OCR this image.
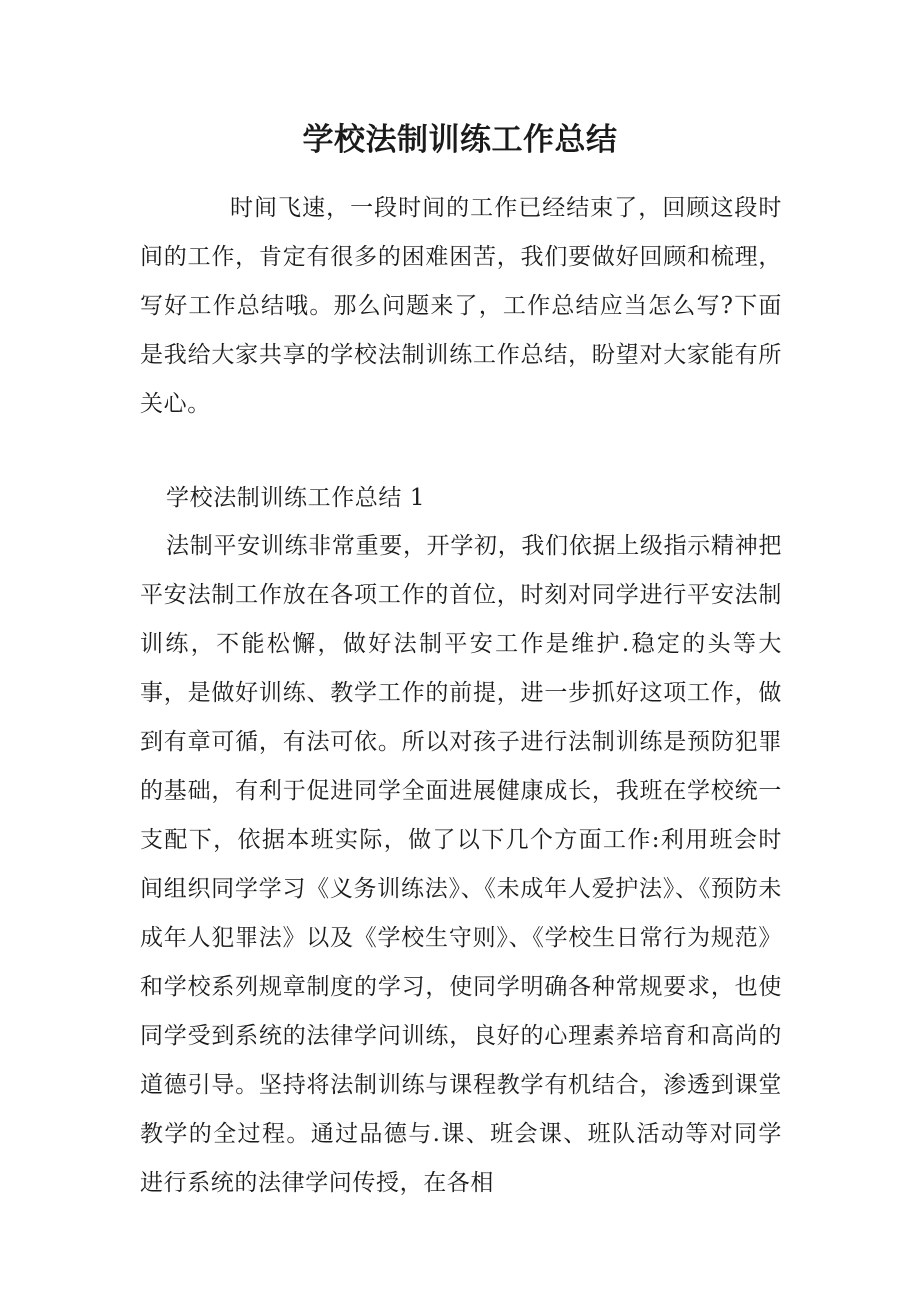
学校法制训练工作总结

时间飞速，一段时间的工作已经结束了，回顾这段时间的工作，肯定有很多的困难困苦，我们要做好回顾和梳理，写好工作总结哦。那么问题来了，工作总结应当怎么写?下面是我给大家共享的学校法制训练工作总结，盼望对大家能有所关心。

学校法制训练工作总结 1

法制平安训练非常重要，开学初，我们依据上级指示精神把平安法制工作放在各项工作的首位，时刻对同学进行平安法制训练，不能松懈，做好法制平安工作是维护.稳定的头等大事，是做好训练、教学工作的前提，进一步抓好这项工作，做到有章可循，有法可依。所以对孩子进行法制训练是预防犯罪的基础，有利于促进同学全面进展健康成长，我班在学校统一支配下，依据本班实际，做了以下几个方面工作:利用班会时间组织同学学习《义务训练法》、《未成年人爱护法》、《预防未成年人犯罪法》以及《学校生守则》、《学校生日常行为规范》和学校系列规章制度的学习，使同学明确各种常规要求，也使同学受到系统的法律学问训练，良好的心理素养培育和高尚的道德引导。坚持将法制训练与课程教学有机结合，渗透到课堂教学的全过程。通过品德与.课、班会课、班队活动等对同学进行系统的法律学问传授，在各相
